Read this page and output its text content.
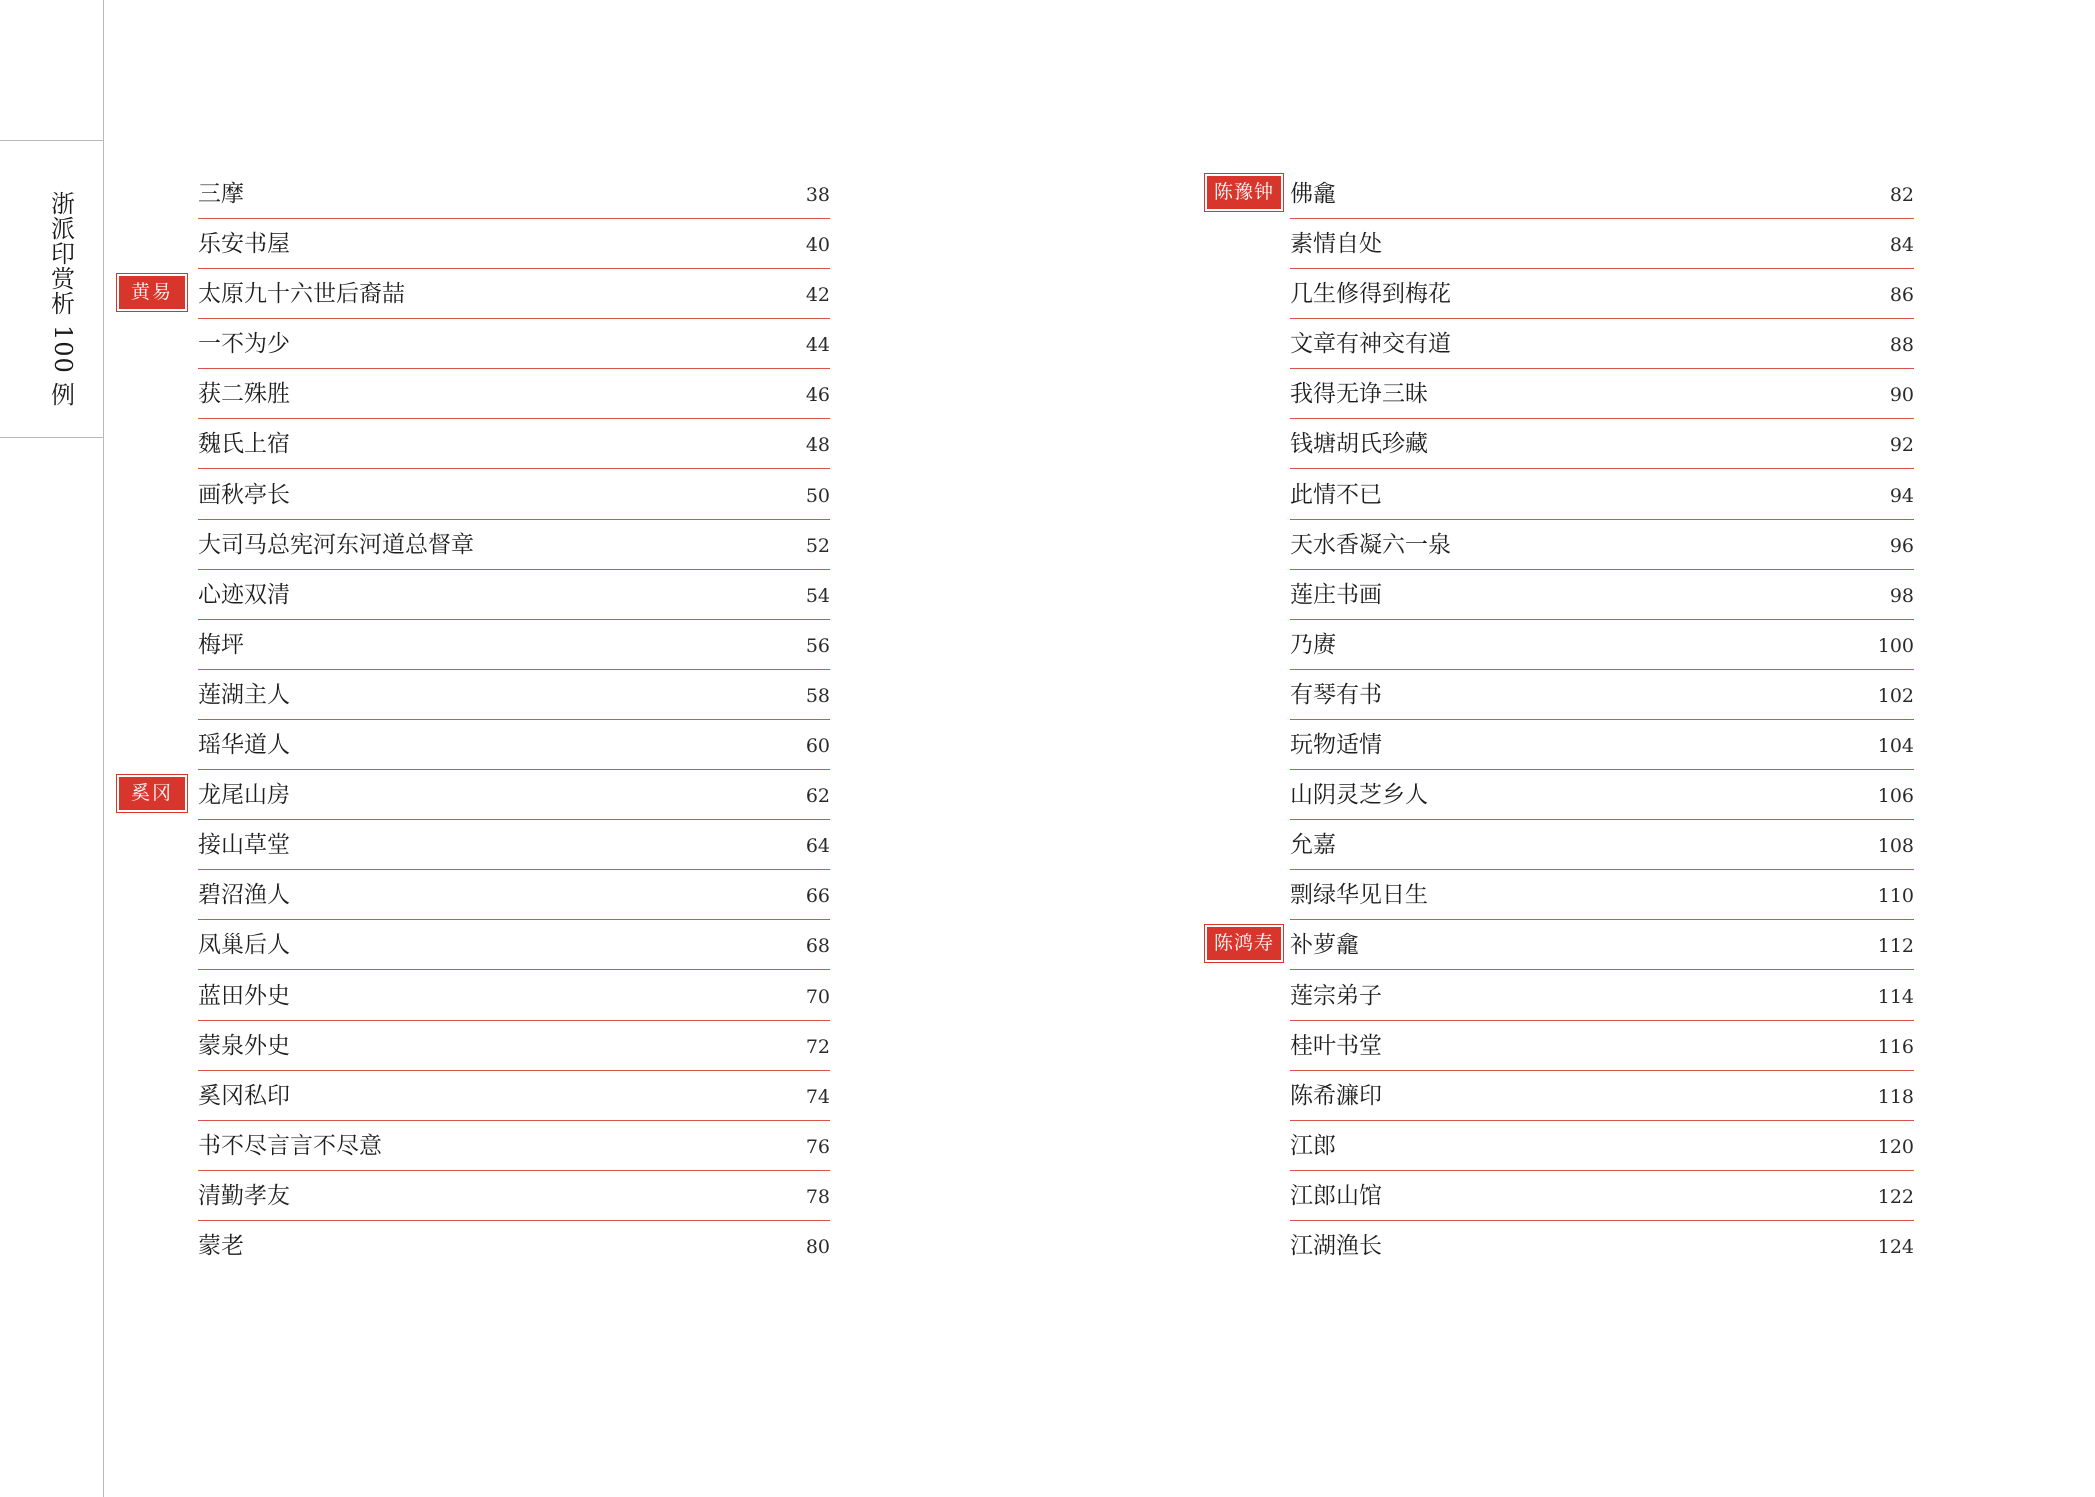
浙
派
印
赏
析
100
例
三摩	38
乐安书屋	40
黄易	太原九十六世后裔喆	42
一不为少	44
获二殊胜	46
魏氏上宿	48
画秋亭长	50
大司马总宪河东河道总督章	52
心迹双清	54
梅坪	56
莲湖主人	58
瑶华道人	60
奚冈	龙尾山房	62
接山草堂	64
碧沼渔人	66
凤巢后人	68
蓝田外史	70
蒙泉外史	72
奚冈私印	74
书不尽言言不尽意	76
清勤孝友	78
蒙老	80
陈豫钟 佛龕	82
素情自处	84
几生修得到梅花	86
文章有神交有道	88
我得无诤三昧	90
钱塘胡氏珍藏	92
此情不已	94
天水香凝六一泉	96
莲庄书画	98
乃赓	100
有琴有书	102
玩物适情	104
山阴灵芝乡人	106
允嘉	108
剽绿华见日生	110
陈鸿寿 补萝龕	112
莲宗弟子	114
桂叶书堂	116
陈希濂印	118
江郎	120
江郎山馆	122
江湖渔长	124
